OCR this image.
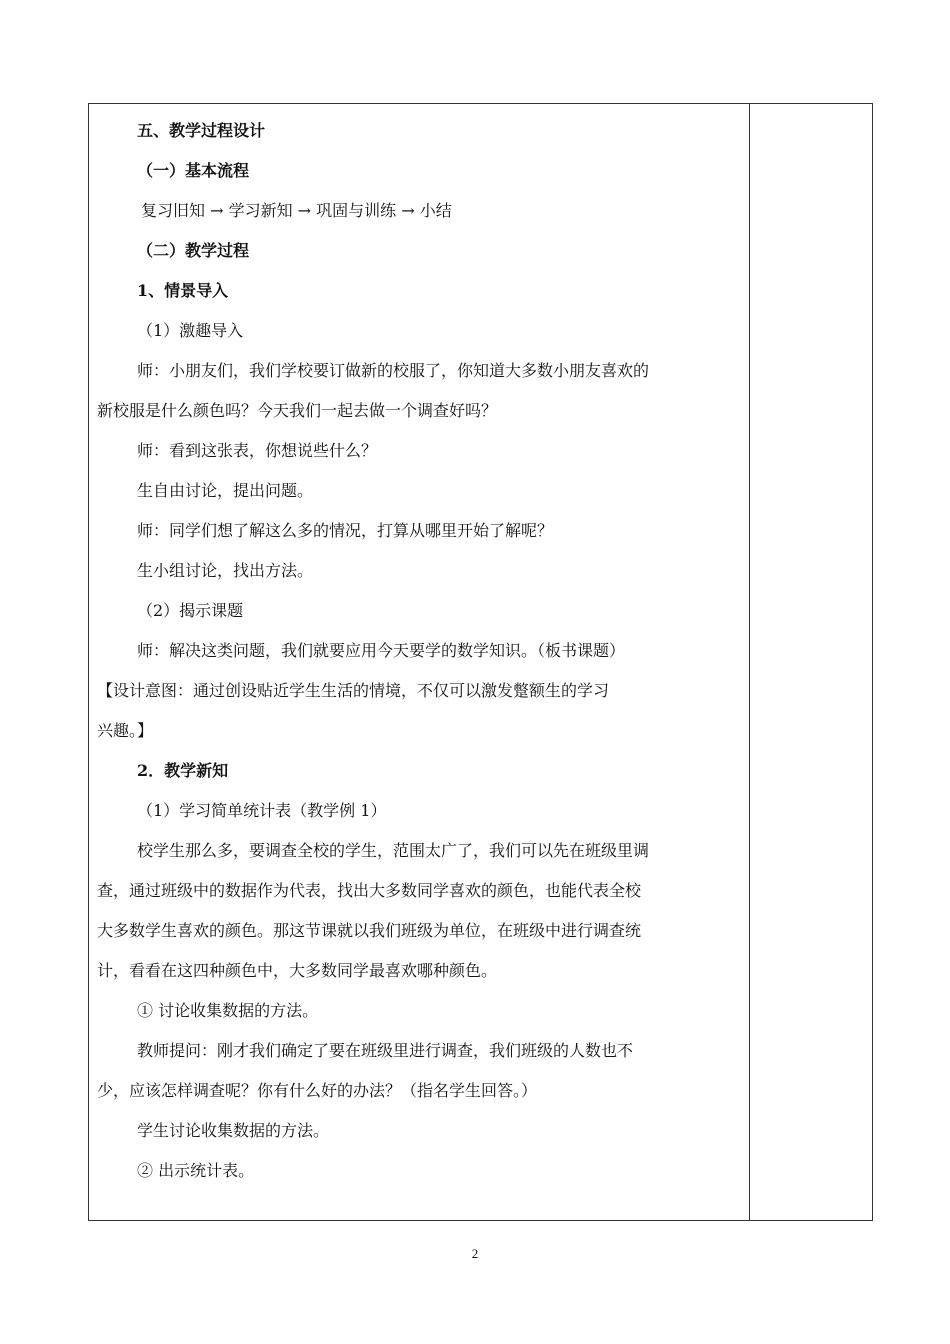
五、教学过程设计
（一）基本流程
复习旧知 → 学习新知 → 巩固与训练 → 小结
（二）教学过程
1、情景导入
（1）激趣导入
师：小朋友们，我们学校要订做新的校服了，你知道大多数小朋友喜欢的
新校服是什么颜色吗？今天我们一起去做一个调查好吗？
师：看到这张表，你想说些什么？
生自由讨论，提出问题。
师：同学们想了解这么多的情况，打算从哪里开始了解呢？
生小组讨论，找出方法。
（2）揭示课题
师：解决这类问题，我们就要应用今天要学的数学知识。（板书课题）
【设计意图：通过创设贴近学生生活的情境，不仅可以激发蹩额生的学习
兴趣。】
2．教学新知
（1）学习简单统计表（教学例 1）
校学生那么多，要调查全校的学生，范围太广了，我们可以先在班级里调
查，通过班级中的数据作为代表，找出大多数同学喜欢的颜色，也能代表全校
大多数学生喜欢的颜色。那这节课就以我们班级为单位，在班级中进行调查统
计，看看在这四种颜色中，大多数同学最喜欢哪种颜色。
① 讨论收集数据的方法。
教师提问：刚才我们确定了要在班级里进行调查，我们班级的人数也不
少，应该怎样调查呢？你有什么好的办法？（指名学生回答。）
学生讨论收集数据的方法。
② 出示统计表。
2
